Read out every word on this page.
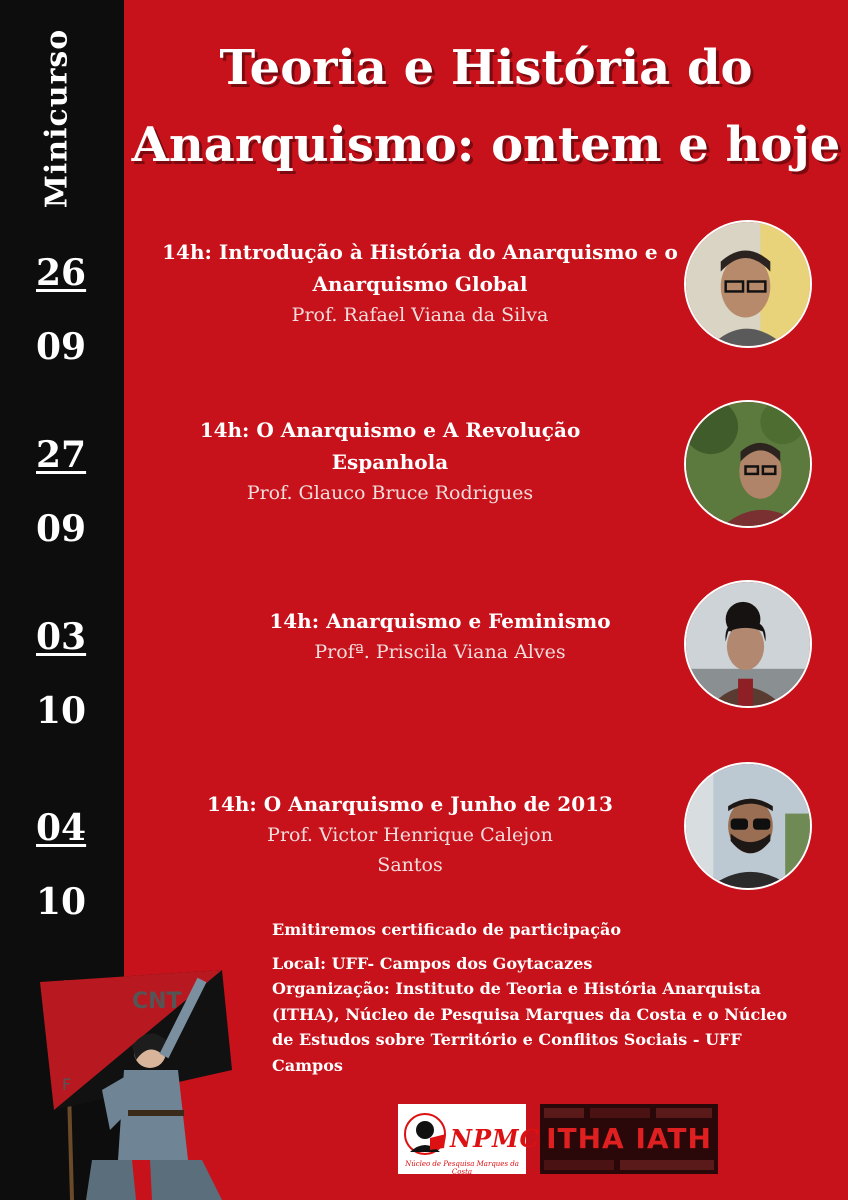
Minicurso
26
09
27
09
03
10
04
10
Teoria e História do
Anarquismo: ontem e hoje
14h: Introdução à História do Anarquismo e o
Anarquismo Global
Prof. Rafael Viana da Silva
14h: O Anarquismo e A Revolução
Espanhola
Prof. Glauco Bruce Rodrigues
14h: Anarquismo e Feminismo
Profª. Priscila Viana Alves
14h: O Anarquismo e Junho de 2013
Prof. Victor Henrique Calejon
Santos
Emitiremos certificado de participação
Local: UFF- Campos dos Goytacazes
Organização: Instituto de Teoria e História Anarquista
(ITHA), Núcleo de Pesquisa Marques da Costa e o Núcleo
de Estudos sobre Território e Conflitos Sociais - UFF
Campos
CNT
F
NPMC
Núcleo de Pesquisa Marques da Costa
ITHA IATH
